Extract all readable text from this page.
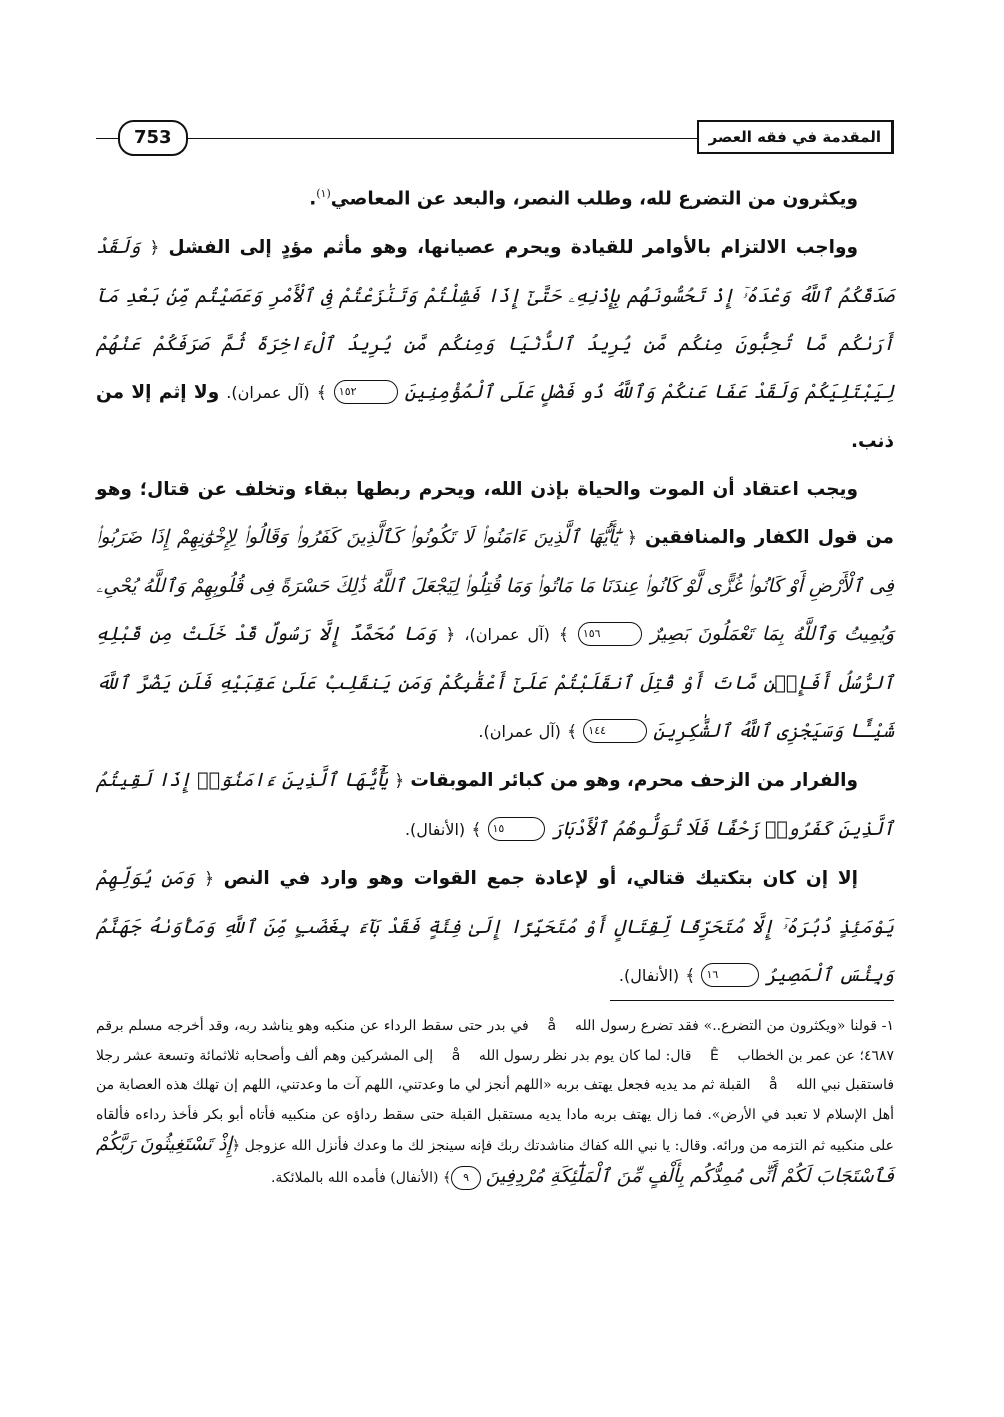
753	المقدمة في فقه العصر

ويكثرون من التضرع لله، وطلب النصر، والبعد عن المعاصي$^{(١)}$.

وواجب الالتزام بالأوامر للقيادة ويحرم عصيانها، وهو مأثم مؤدٍ إلى الفشل ﴿ وَلَقَدْ صَدَقَكُمُ ٱللَّهُ وَعْدَهُۥٓ إِذْ تَحُسُّونَهُم بِإِذْنِهِۦ حَتَّىٰٓ إِذَا فَشِلْتُمْ وَتَنَٰزَعْتُمْ فِى ٱلْأَمْرِ وَعَصَيْتُم مِّنۢ بَعْدِ مَآ أَرَىٰكُم مَّا تُحِبُّونَ مِنكُم مَّن يُرِيدُ ٱلدُّنْيَا وَمِنكُم مَّن يُرِيدُ ٱلْءَاخِرَةَ ثُمَّ صَرَفَكُمْ عَنْهُمْ لِيَبْتَلِيَكُمْ وَلَقَدْ عَفَا عَنكُمْ وَٱللَّهُ ذُو فَضْلٍ عَلَى ٱلْمُؤْمِنِينَ ١٥٢ ﴾ (آل عمران). ولا إثم إلا من ذنب.

ويجب اعتقاد أن الموت والحياة بإذن الله، ويحرم ربطها ببقاء وتخلف عن قتال؛ وهو من قول الكفار والمنافقين ﴿ يَٰٓأَيُّهَا ٱلَّذِينَ ءَامَنُوا۟ لَا تَكُونُوا۟ كَٱلَّذِينَ كَفَرُوا۟ وَقَالُوا۟ لِإِخْوَٰنِهِمْ إِذَا ضَرَبُوا۟ فِى ٱلْأَرْضِ أَوْ كَانُوا۟ غُزًّى لَّوْ كَانُوا۟ عِندَنَا مَا مَاتُوا۟ وَمَا قُتِلُوا۟ لِيَجْعَلَ ٱللَّهُ ذَٰلِكَ حَسْرَةً فِى قُلُوبِهِمْ وَٱللَّهُ يُحْىِۦ وَيُمِيتُ وَٱللَّهُ بِمَا تَعْمَلُونَ بَصِيرٌ ١٥٦ ﴾ (آل عمران)، ﴿ وَمَا مُحَمَّدٌ إِلَّا رَسُولٌ قَدْ خَلَتْ مِن قَبْلِهِ ٱلرُّسُلُ أَفَإِي۟ن مَّاتَ أَوْ قُتِلَ ٱنقَلَبْتُمْ عَلَىٰٓ أَعْقَٰبِكُمْ وَمَن يَنقَلِبْ عَلَىٰ عَقِبَيْهِ فَلَن يَضُرَّ ٱللَّهَ شَيْـًٔا وَسَيَجْزِى ٱللَّهُ ٱلشَّٰكِرِينَ ١٤٤ ﴾ (آل عمران).

والفرار من الزحف محرم، وهو من كبائر الموبقات ﴿ يَٰٓأَيُّهَا ٱلَّذِينَ ءَامَنُوٓا۟ إِذَا لَقِيتُمُ ٱلَّذِينَ كَفَرُوا۟ زَحْفًا فَلَا تُوَلُّوهُمُ ٱلْأَدْبَارَ ١٥ ﴾ (الأنفال).

إلا إن كان بتكتيك قتالي، أو لإعادة جمع القوات وهو وارد في النص ﴿ وَمَن يُوَلِّهِمْ يَوْمَئِذٍ دُبُرَهُۥٓ إِلَّا مُتَحَرِّفًا لِّقِتَالٍ أَوْ مُتَحَيِّزًا إِلَىٰ فِئَةٍ فَقَدْ بَآءَ بِغَضَبٍ مِّنَ ٱللَّهِ وَمَأْوَىٰهُ جَهَنَّمُ وَبِئْسَ ٱلْمَصِيرُ ١٦ ﴾ (الأنفال).

١- قولنا «ويكثرون من التضرع..» فقد تضرع رسول الله å في بدر حتى سقط الرداء عن منكبه وهو يناشد ربه، وقد أخرجه مسلم برقم ٤٦٨٧؛ عن عمر بن الخطاب Ê قال: لما كان يوم بدر نظر رسول الله å إلى المشركين وهم ألف وأصحابه ثلاثمائة وتسعة عشر رجلا فاستقبل نبي الله å القبلة ثم مد يديه فجعل يهتف بربه «اللهم أنجز لي ما وعدتني، اللهم آت ما وعدتني، اللهم إن تهلك هذه العصابة من أهل الإسلام لا تعبد في الأرض». فما زال يهتف بربه مادا يديه مستقبل القبلة حتى سقط رداؤه عن منكبيه فأتاه أبو بكر فأخذ رداءه فألقاه على منكبيه ثم التزمه من ورائه. وقال: يا نبي الله كفاك مناشدتك ربك فإنه سينجز لك ما وعدك فأنزل الله عزوجل ﴿إِذْ تَسْتَغِيثُونَ رَبَّكُمْ فَٱسْتَجَابَ لَكُمْ أَنِّى مُمِدُّكُم بِأَلْفٍ مِّنَ ٱلْمَلَٰٓئِكَةِ مُرْدِفِينَ ٩﴾ (الأنفال) فأمده الله بالملائكة.
